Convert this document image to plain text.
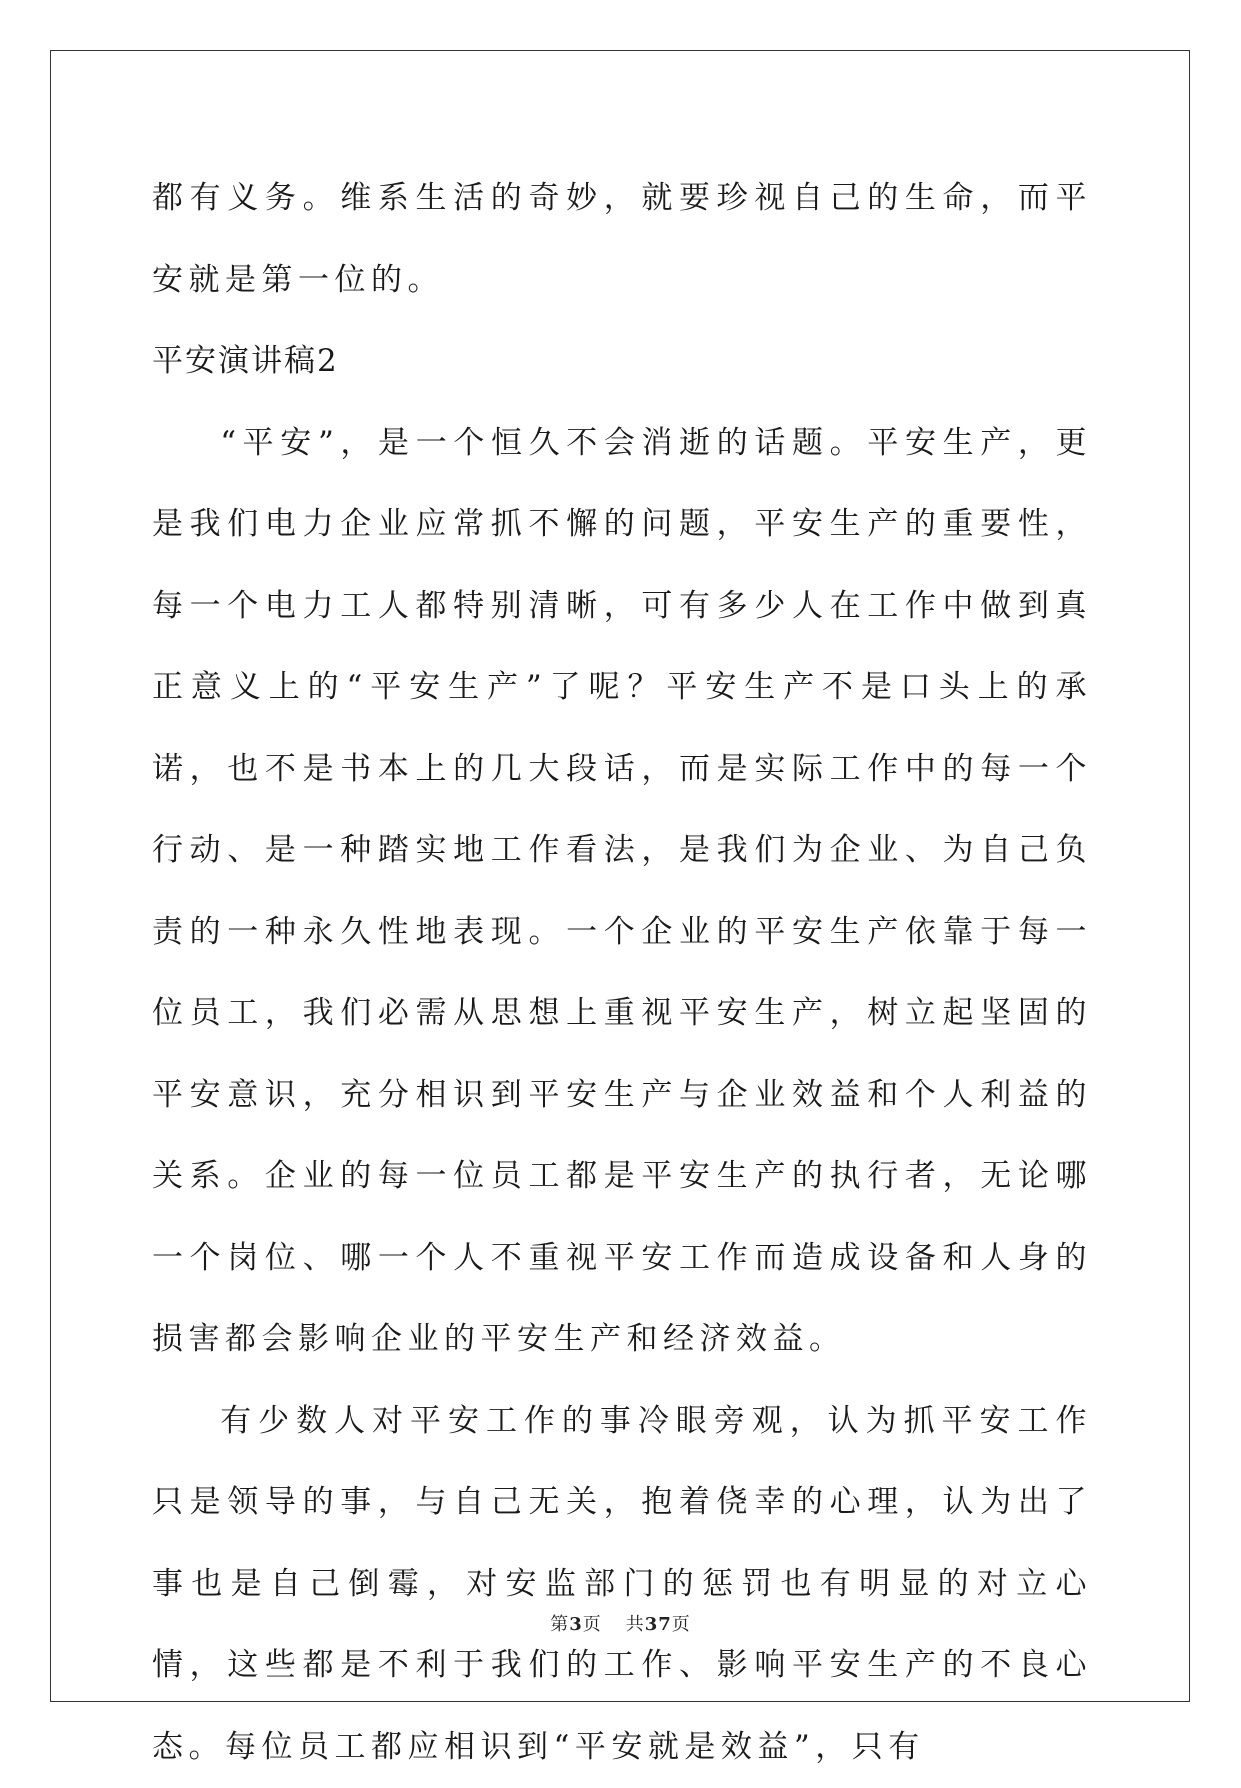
都有义务。维系生活的奇妙，就要珍视自己的生命，而平安就是第一位的。

平安演讲稿2

“平安”，是一个恒久不会消逝的话题。平安生产，更是我们电力企业应常抓不懈的问题，平安生产的重要性，每一个电力工人都特别清晰，可有多少人在工作中做到真正意义上的“平安生产”了呢？平安生产不是口头上的承诺，也不是书本上的几大段话，而是实际工作中的每一个行动、是一种踏实地工作看法，是我们为企业、为自己负责的一种永久性地表现。一个企业的平安生产依靠于每一位员工，我们必需从思想上重视平安生产，树立起坚固的平安意识，充分相识到平安生产与企业效益和个人利益的关系。企业的每一位员工都是平安生产的执行者，无论哪一个岗位、哪一个人不重视平安工作而造成设备和人身的损害都会影响企业的平安生产和经济效益。

有少数人对平安工作的事冷眼旁观，认为抓平安工作只是领导的事，与自己无关，抱着侥幸的心理，认为出了事也是自己倒霉，对安监部门的惩罚也有明显的对立心情，这些都是不利于我们的工作、影响平安生产的不良心态。每位员工都应相识到“平安就是效益”，只有

第3页 共37页
